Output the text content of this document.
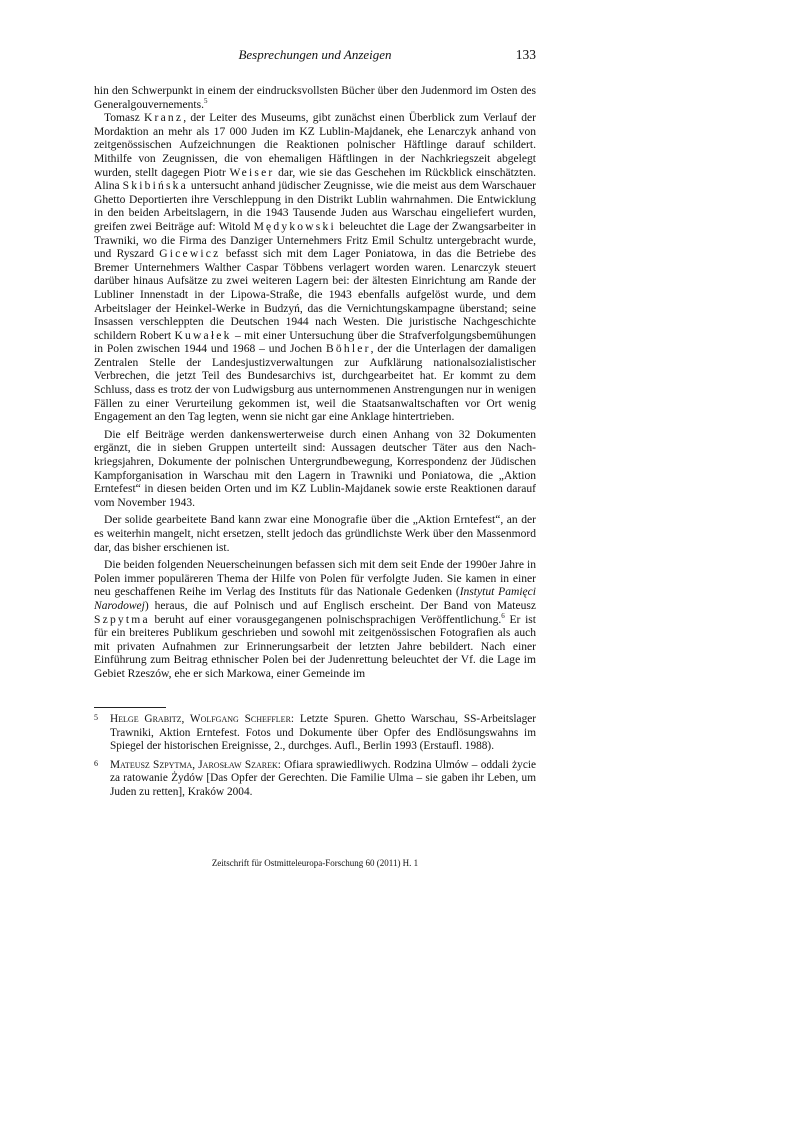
Besprechungen und Anzeigen	133

hin den Schwerpunkt in einem der eindrucksvollsten Bücher über den Judenmord im Osten des Generalgouvernements.$^5$

Tomasz Kranz, der Leiter des Museums, gibt zunächst einen Überblick zum Verlauf der Mordaktion an mehr als 17 000 Juden im KZ Lublin-Majdanek, ehe Lenarczyk anhand von zeitgenössischen Aufzeichnungen die Reaktionen polnischer Häftlinge darauf schildert. Mithilfe von Zeugnissen, die von ehemaligen Häftlingen in der Nachkriegszeit abgelegt wurden, stellt dagegen Piotr Weiser dar, wie sie das Geschehen im Rückblick einschätzten. Alina Skibińska untersucht anhand jüdischer Zeugnisse, wie die meist aus dem Warschauer Ghetto Deportierten ihre Verschleppung in den Distrikt Lublin wahrnahmen. Die Entwicklung in den beiden Arbeitslagern, in die 1943 Tausende Juden aus Warschau eingeliefert wurden, greifen zwei Beiträge auf: Witold Mędykowski beleuchtet die Lage der Zwangsarbeiter in Trawniki, wo die Firma des Danziger Unternehmers Fritz Emil Schultz untergebracht wurde, und Ryszard Gicewicz befasst sich mit dem Lager Poniatowa, in das die Betriebe des Bremer Unternehmers Walther Caspar Többens verlagert worden waren. Lenarczyk steuert darüber hinaus Aufsätze zu zwei weiteren Lagern bei: der ältesten Einrichtung am Rande der Lubliner Innenstadt in der Lipowa-Straße, die 1943 ebenfalls aufgelöst wurde, und dem Arbeitslager der Heinkel-Werke in Budzyń, das die Vernichtungskampagne überstand; seine Insassen verschleppten die Deutschen 1944 nach Westen. Die juristische Nachgeschichte schildern Robert Kuwałek – mit einer Untersuchung über die Strafverfolgungsbemühungen in Polen zwischen 1944 und 1968 – und Jochen Böhler, der die Unterlagen der damaligen Zentralen Stelle der Landesjustizverwaltungen zur Aufklärung nationalsozialistischer Verbrechen, die jetzt Teil des Bundesarchivs ist, durchgearbeitet hat. Er kommt zu dem Schluss, dass es trotz der von Ludwigsburg aus unternommenen Anstrengungen nur in wenigen Fällen zu einer Verurteilung gekommen ist, weil die Staatsanwaltschaften vor Ort wenig Engagement an den Tag legten, wenn sie nicht gar eine Anklage hintertrieben.

Die elf Beiträge werden dankenswerterweise durch einen Anhang von 32 Dokumenten ergänzt, die in sieben Gruppen unterteilt sind: Aussagen deutscher Täter aus den Nachkriegsjahren, Dokumente der polnischen Untergrundbewegung, Korrespondenz der Jüdischen Kampforganisation in Warschau mit den Lagern in Trawniki und Poniatowa, die „Aktion Erntefest“ in diesen beiden Orten und im KZ Lublin-Majdanek sowie erste Reaktionen darauf vom November 1943.

Der solide gearbeitete Band kann zwar eine Monografie über die „Aktion Erntefest“, an der es weiterhin mangelt, nicht ersetzen, stellt jedoch das gründlichste Werk über den Massenmord dar, das bisher erschienen ist.

Die beiden folgenden Neuerscheinungen befassen sich mit dem seit Ende der 1990er Jahre in Polen immer populäreren Thema der Hilfe von Polen für verfolgte Juden. Sie kamen in einer neu geschaffenen Reihe im Verlag des Instituts für das Nationale Gedenken (Instytut Pamięci Narodowej) heraus, die auf Polnisch und auf Englisch erscheint. Der Band von Mateusz Szpytma beruht auf einer vorausgegangenen polnischsprachigen Veröffentlichung.$^6$ Er ist für ein breiteres Publikum geschrieben und sowohl mit zeitgenössischen Fotografien als auch mit privaten Aufnahmen zur Erinnerungsarbeit der letzten Jahre bebildert. Nach einer Einführung zum Beitrag ethnischer Polen bei der Judenrettung beleuchtet der Vf. die Lage im Gebiet Rzeszów, ehe er sich Markowa, einer Gemeinde im

5 Helge Grabitz, Wolfgang Scheffler: Letzte Spuren. Ghetto Warschau, SS-Arbeitslager Trawniki, Aktion Erntefest. Fotos und Dokumente über Opfer des Endlösungswahns im Spiegel der historischen Ereignisse, 2., durchges. Aufl., Berlin 1993 (Erstaufl. 1988).
6 Mateusz Szpytma, Jarosław Szarek: Ofiara sprawiedliwych. Rodzina Ulmów – oddali życie za ratowanie Żydów [Das Opfer der Gerechten. Die Familie Ulma – sie gaben ihr Leben, um Juden zu retten], Kraków 2004.
Zeitschrift für Ostmitteleuropa-Forschung 60 (2011) H. 1
